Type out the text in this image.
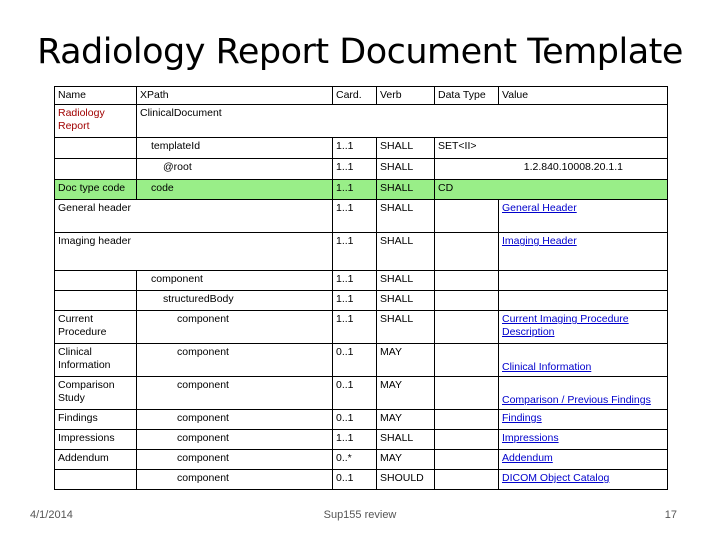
Radiology Report Document Template
Name	XPath	Card.	Verb	Data Type	Value
Radiology Report	ClinicalDocument				
	templateId	1..1	SHALL	SET<II>	
	@root	1..1	SHALL	1.2.840.10008.20.1.1	
Doc type code	code	1..1	SHALL	CD	
General header		1..1	SHALL		General Header
Imaging header		1..1	SHALL		Imaging Header
	component	1..1	SHALL		
	structuredBody	1..1	SHALL		
Current Procedure	component	1..1	SHALL		Current Imaging Procedure Description
Clinical Information	component	0..1	MAY		Clinical Information
Comparison Study	component	0..1	MAY		Comparison / Previous Findings
Findings	component	0..1	MAY		Findings
Impressions	component	1..1	SHALL		Impressions
Addendum	component	0..*	MAY		Addendum
	component	0..1	SHOULD		DICOM Object Catalog
4/1/2014	Sup155 review	17
